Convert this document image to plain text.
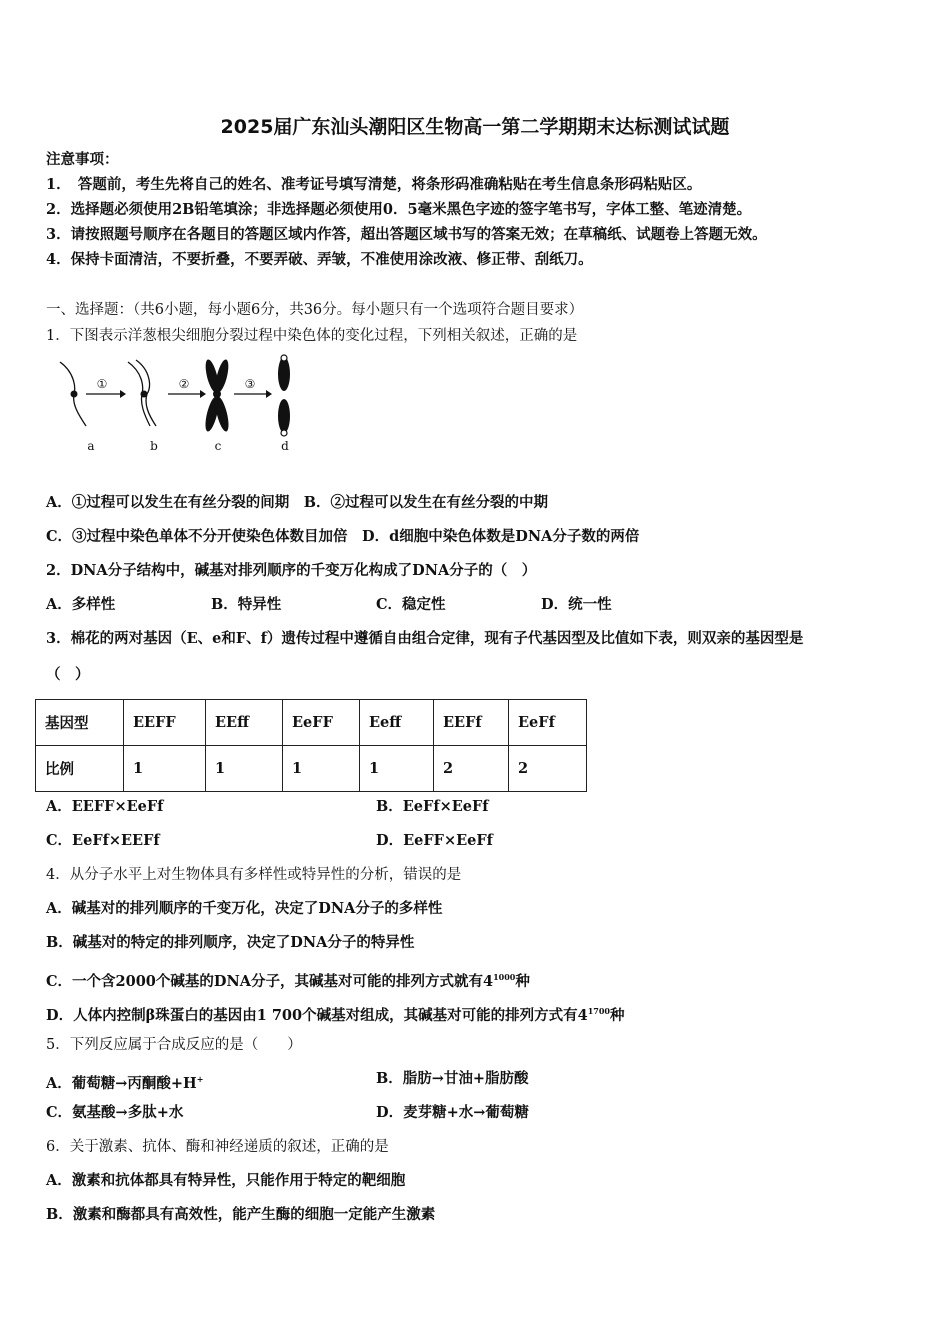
2025届广东汕头潮阳区生物高一第二学期期末达标测试试题
注意事项：
1．　答题前，考生先将自己的姓名、准考证号填写清楚，将条形码准确粘贴在考生信息条形码粘贴区。
2．选择题必须使用2B铅笔填涂；非选择题必须使用0．5毫米黑色字迹的签字笔书写，字体工整、笔迹清楚。
3．请按照题号顺序在各题目的答题区域内作答，超出答题区域书写的答案无效；在草稿纸、试题卷上答题无效。
4．保持卡面清洁，不要折叠，不要弄破、弄皱，不准使用涂改液、修正带、刮纸刀。
一、选择题：（共6小题，每小题6分，共36分。每小题只有一个选项符合题目要求）
1．下图表示洋葱根尖细胞分裂过程中染色体的变化过程，下列相关叙述，正确的是
①	②	③
a	b	c	d
A．①过程可以发生在有丝分裂的间期　B．②过程可以发生在有丝分裂的中期
C．③过程中染色单体不分开使染色体数目加倍　D．d细胞中染色体数是DNA分子数的两倍
2．DNA分子结构中，碱基对排列顺序的千变万化构成了DNA分子的（　）
A．多样性	B．特异性	C．稳定性	D．统一性
3．棉花的两对基因（E、e和F、f）遗传过程中遵循自由组合定律，现有子代基因型及比值如下表，则双亲的基因型是
（　）
基因型	EEFF	EEff	EeFF	Eeff	EEFf	EeFf
比例	1	1	1	1	2	2
A．EEFF×EeFf	B．EeFf×EeFf
C．EeFf×EEFf	D．EeFF×EeFf
4．从分子水平上对生物体具有多样性或特异性的分析，错误的是
A．碱基对的排列顺序的千变万化，决定了DNA分子的多样性
B．碱基对的特定的排列顺序，决定了DNA分子的特异性
C．一个含2000个碱基的DNA分子，其碱基对可能的排列方式就有$4^{1000}$种
D．人体内控制β珠蛋白的基因由1 700个碱基对组成，其碱基对可能的排列方式有$4^{1700}$种
5．下列反应属于合成反应的是（　　）
A．葡萄糖→丙酮酸+H+	B．脂肪→甘油+脂肪酸
C．氨基酸→多肽+水	D．麦芽糖+水→葡萄糖
6．关于激素、抗体、酶和神经递质的叙述，正确的是
A．激素和抗体都具有特异性，只能作用于特定的靶细胞
B．激素和酶都具有高效性，能产生酶的细胞一定能产生激素
